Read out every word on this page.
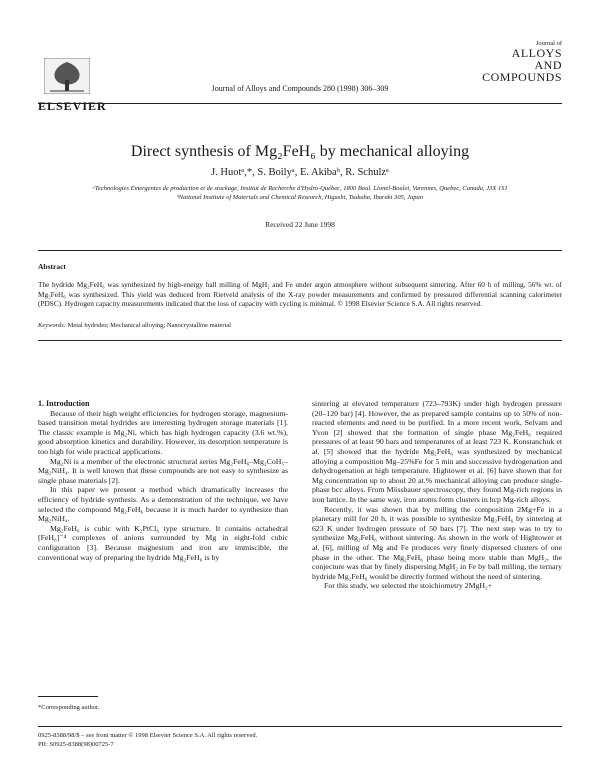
ELSEVIER
Journal of Alloys and Compounds 280 (1998) 306–309
Journal of
ALLOYS
AND COMPOUNDS
Direct synthesis of Mg₂FeH₆ by mechanical alloying
J. Huotᵃ,*, S. Boilyᵃ, E. Akibaᵇ, R. Schulzᵃ
ᵃTechnologies Emergentes de production et de stockage, Institut de Recherche d'Hydro-Québec, 1800 Boul. Lionel-Boulet, Varennes, Quebec, Canada, J3X 1S1
ᵇNational Institute of Materials and Chemical Research, Higashi, Tsukuba, Ibaraki 305, Japan
Received 22 June 1998
Abstract
The hydride Mg₂FeH₆ was synthesized by high-energy ball milling of MgH₂ and Fe under argon atmosphere without subsequent sintering. After 60 h of milling, 56% wt. of Mg₂FeH₆ was synthesized. This yield was deduced from Rietveld analysis of the X-ray powder measurements and confirmed by pressured differential scanning calorimeter (PDSC). Hydrogen capacity measurements indicated that the loss of capacity with cycling is minimal. © 1998 Elsevier Science S.A. All rights reserved.
Keywords: Metal hydrides; Mechanical alloying; Nanocrystalline material

1. Introduction

Because of their high weight efficiencies for hydrogen storage, magnesium-based transition metal hydrides are interesting hydrogen storage materials [1]. The classic example is Mg₂Ni, which has high hydrogen capacity (3.6 wt.%), good absorption kinetics and durability. However, its desorption temperature is too high for wide practical applications.

Mg₂Ni is a member of the electronic structural series Mg₂FeH₆–Mg₂CoH₅–Mg₂NiH₄. It is well known that these compounds are not easy to synthesize as single phase materials [2].

In this paper we present a method which dramatically increases the efficiency of hydride synthesis. As a demonstration of the technique, we have selected the compound Mg₂FeH₆ because it is much harder to synthesize than Mg₂NiH₄.

Mg₂FeH₆ is cubic with K₂PtCl₆ type structure. It contains octahedral [FeH₆]⁻⁴ complexes of anions surrounded by Mg in eight-fold cubic configuration [3]. Because magnesium and iron are immiscible, the conventional way of preparing the hydride Mg₂FeH₆ is by

sintering at elevated temperature (723–793K) under high hydrogen pressure (20–120 bar) [4]. However, the as prepared sample contains up to 50% of non-reacted elements and need to be purified. In a more recent work, Selvam and Yvon [2] showed that the formation of single phase Mg₂FeH₆ required pressures of at least 90 bars and temperatures of at least 723 K. Konstanchuk et al. [5] showed that the hydride Mg₂FeH₆ was synthesized by mechanical alloying a composition Mg–25%Fe for 5 min and successive hydrogenation and dehydrogenation at high temperature. Hightower et al. [6] have shown that for Mg concentration up to about 20 at.% mechanical alloying can produce single-phase bcc alloys. From Mössbauer spectroscopy, they found Mg-rich regions in iron lattice. In the same way, iron atoms form clusters in hcp Mg-rich alloys.

Recently, it was shown that by milling the composition 2Mg+Fe in a planetary mill for 20 h, it was possible to synthesize Mg₂FeH₆ by sintering at 623 K under hydrogen pressure of 50 bars [7]. The next step was to try to synthesize Mg₂FeH₆ without sintering. As shown in the work of Hightower et al. [6], milling of Mg and Fe produces very finely dispersed clusters of one phase in the other. The Mg₂FeH₆ phase being more stable than MgH₂, the conjecture was that by finely dispersing MgH₂ in Fe by ball milling, the ternary hydride Mg₂FeH₆ would be directly formed without the need of sintering.

For this study, we selected the stoichiometry 2MgH₂+

*Corresponding author.
0925-8388/98/$ – see front matter © 1998 Elsevier Science S.A. All rights reserved.
PII: S0925-8388(98)00725-7
